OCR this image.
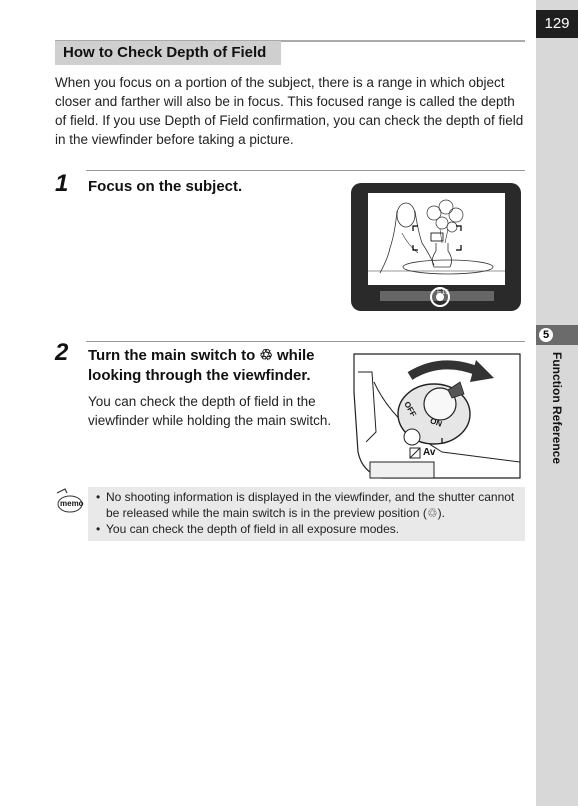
129
5
Function Reference
How to Check Depth of Field
When you focus on a portion of the subject, there is a range in which object closer and farther will also be in focus. This focused range is called the depth of field. If you use Depth of Field confirmation, you can check the depth of field in the viewfinder before taking a picture.
1 Focus on the subject.
F15
2 Turn the main switch to ♲ while
looking through the viewfinder.
You can check the depth of field in the viewfinder while holding the main switch.
OFF
ON
Av
memo • No shooting information is displayed in the viewfinder, and the shutter cannot be released while the main switch is in the preview position (♲).
• You can check the depth of field in all exposure modes.
